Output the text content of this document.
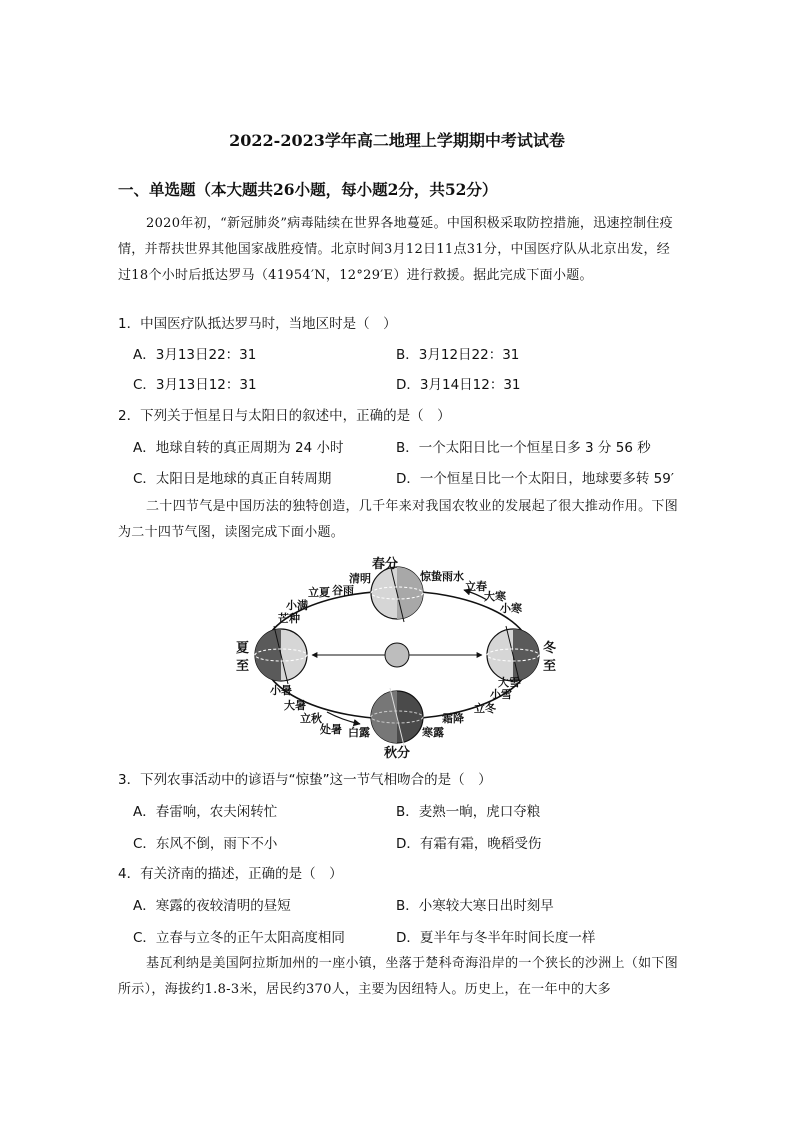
2022-2023学年高二地理上学期期中考试试卷
一、单选题（本大题共26小题，每小题2分，共52分）
2020年初，“新冠肺炎”病毒陆续在世界各地蔓延。中国积极采取防控措施，迅速控制住疫情，并帮扶世界其他国家战胜疫情。北京时间3月12日11点31分，中国医疗队从北京出发，经过18个小时后抵达罗马（41954′N，12°29′E）进行救援。据此完成下面小题。
1．中国医疗队抵达罗马时，当地区时是（　）
A．3月13日22：31	B．3月12日22：31
C．3月13日12：31	D．3月14日12：31
2．下列关于恒星日与太阳日的叙述中，正确的是（　）
A．地球自转的真正周期为 24 小时	B．一个太阳日比一个恒星日多 3 分 56 秒
C．太阳日是地球的真正自转周期	D．一个恒星日比一个太阳日，地球要多转 59′
二十四节气是中国历法的独特创造，几千年来对我国农牧业的发展起了很大推动作用。下图为二十四节气图，读图完成下面小题。
春分
夏
至
秋分
冬
至
清明
谷雨
立夏
小满
芒种
小暑
大暑
立秋
处暑 白露	寒露
霜降
立冬
小雪
大雪
小寒
大寒
立春
雨水
惊蛰
3．下列农事活动中的谚语与“惊蛰”这一节气相吻合的是（　）
A．春雷响，农夫闲转忙	B．麦熟一晌，虎口夺粮
C．东风不倒，雨下不小	D．有霜有霜，晚稻受伤
4．有关济南的描述，正确的是（　）
A．寒露的夜较清明的昼短	B．小寒较大寒日出时刻早
C．立春与立冬的正午太阳高度相同	D．夏半年与冬半年时间长度一样
基瓦利纳是美国阿拉斯加州的一座小镇，坐落于楚科奇海沿岸的一个狭长的沙洲上（如下图所示），海拔约1.8-3米，居民约370人，主要为因纽特人。历史上，在一年中的大多
